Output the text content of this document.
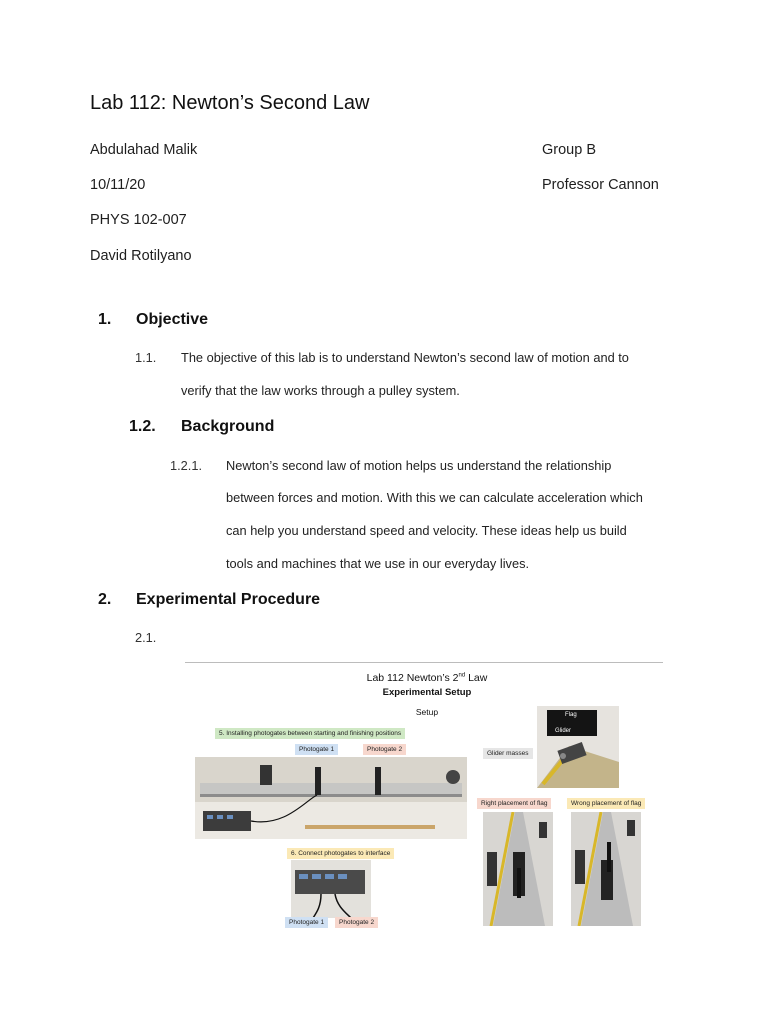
Lab 112: Newton’s Second Law
Abdulahad Malik	Group B
10/11/20	Professor Cannon
PHYS 102-007
David Rotilyano
1. Objective
1.1. The objective of this lab is to understand Newton’s second law of motion and to
verify that the law works through a pulley system.
1.2. Background
1.2.1. Newton’s second law of motion helps us understand the relationship
between forces and motion. With this we can calculate acceleration which
can help you understand speed and velocity. These ideas help us build
tools and machines that we use in our everyday lives.
2. Experimental Procedure
2.1.
Lab 112 Newton’s 2nd Law
Experimental Setup
Setup
5. Installing photogates between starting and finishing positions
Photogate 1	Photogate 2
6. Connect photogates to interface
Photogate 1	Photogate 2
Glider masses
Flag
Glider
Right placement of flag	Wrong placement of flag
